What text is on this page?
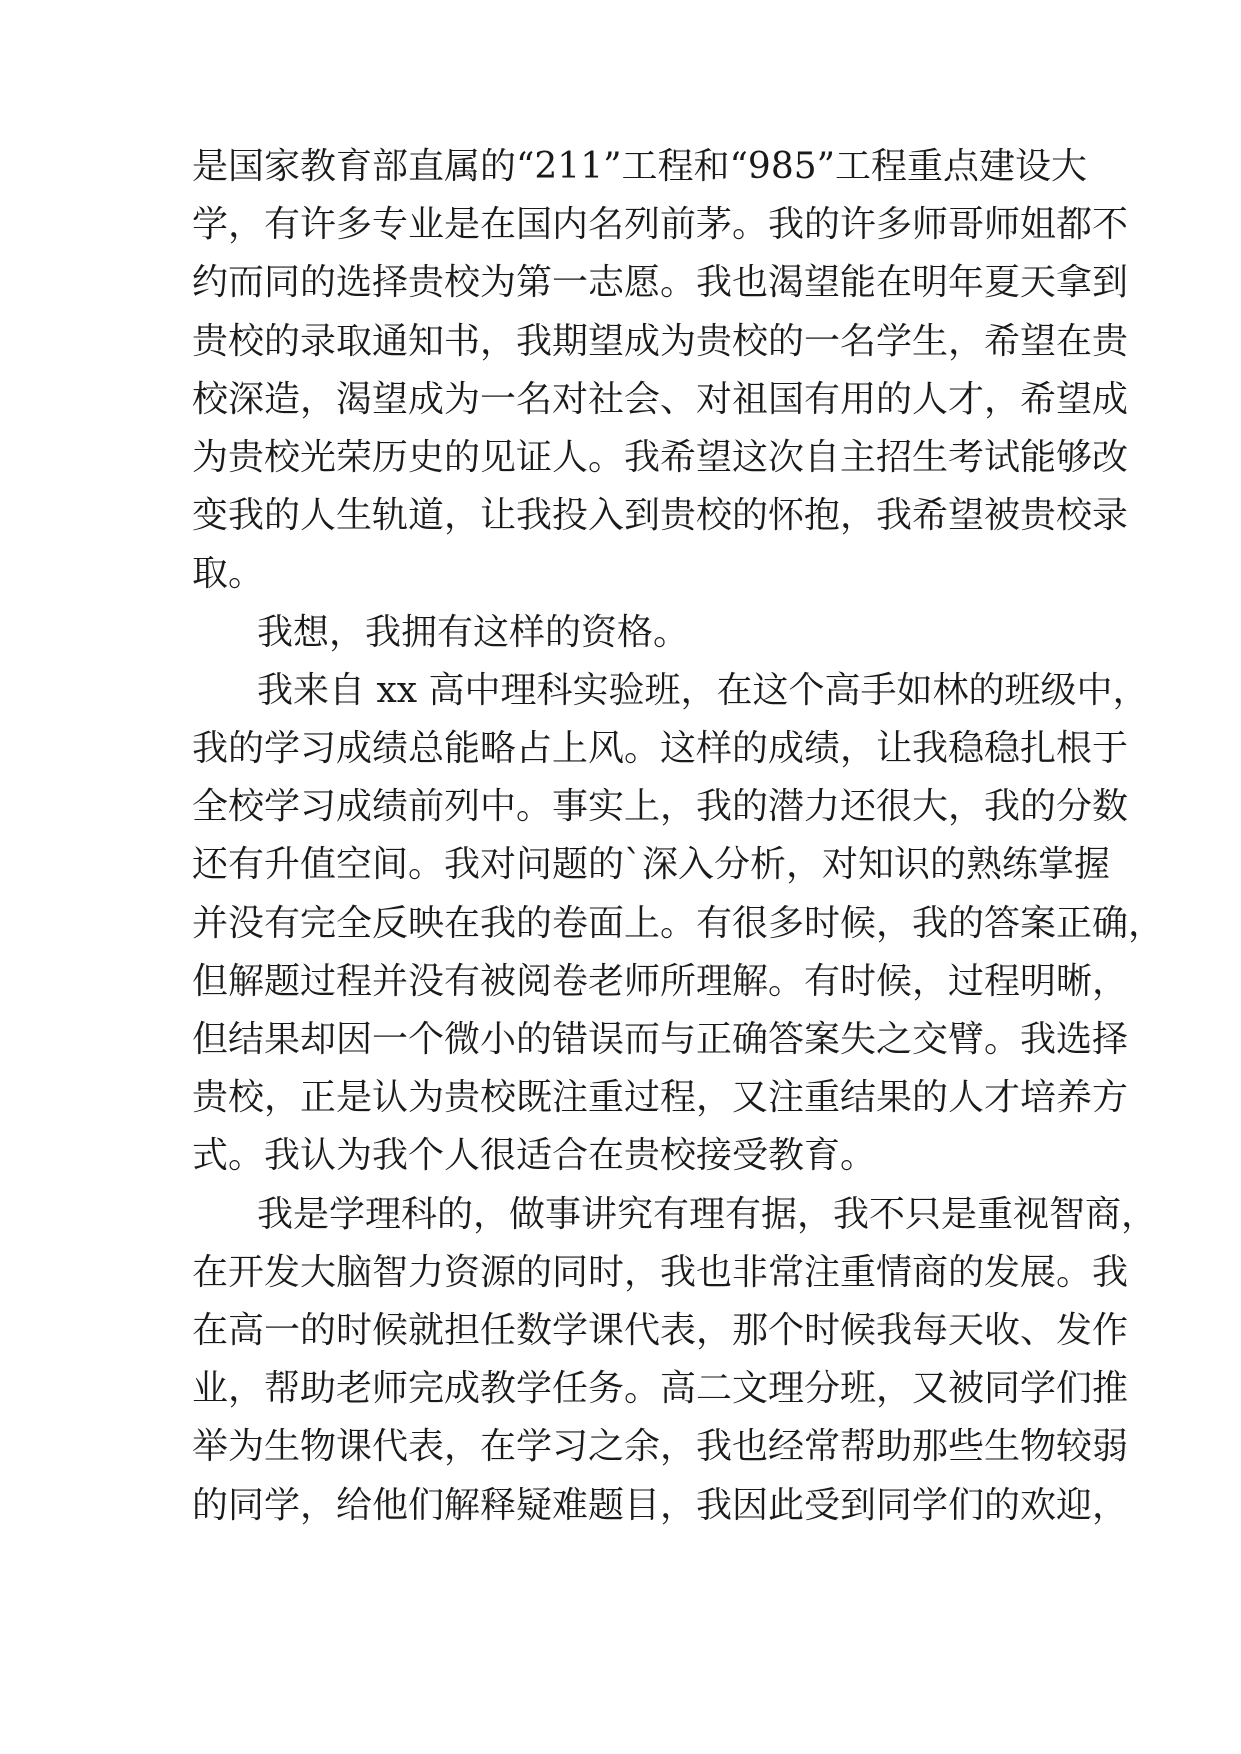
是国家教育部直属的“211”工程和“985”工程重点建设大
学，有许多专业是在国内名列前茅。我的许多师哥师姐都不
约而同的选择贵校为第一志愿。我也渴望能在明年夏天拿到
贵校的录取通知书，我期望成为贵校的一名学生，希望在贵
校深造，渴望成为一名对社会、对祖国有用的人才，希望成
为贵校光荣历史的见证人。我希望这次自主招生考试能够改
变我的人生轨道，让我投入到贵校的怀抱，我希望被贵校录
取。
我想，我拥有这样的资格。
我来自 xx 高中理科实验班，在这个高手如林的班级中，
我的学习成绩总能略占上风。这样的成绩，让我稳稳扎根于
全校学习成绩前列中。事实上，我的潜力还很大，我的分数
还有升值空间。我对问题的`深入分析，对知识的熟练掌握
并没有完全反映在我的卷面上。有很多时候，我的答案正确，
但解题过程并没有被阅卷老师所理解。有时候，过程明晰，
但结果却因一个微小的错误而与正确答案失之交臂。我选择
贵校，正是认为贵校既注重过程，又注重结果的人才培养方
式。我认为我个人很适合在贵校接受教育。
我是学理科的，做事讲究有理有据，我不只是重视智商，
在开发大脑智力资源的同时，我也非常注重情商的发展。我
在高一的时候就担任数学课代表，那个时候我每天收、发作
业，帮助老师完成教学任务。高二文理分班，又被同学们推
举为生物课代表，在学习之余，我也经常帮助那些生物较弱
的同学，给他们解释疑难题目，我因此受到同学们的欢迎，
